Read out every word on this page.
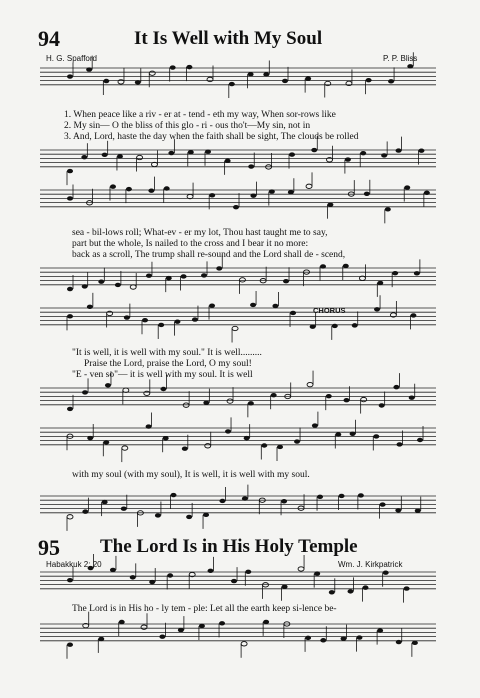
94	It Is Well with My Soul
H. G. Spafford	P. P. Bliss
1. When peace like a riv - er at - tend - eth my way, When sor-rows like
2. My sin— O the bliss of this glo - ri - ous tho't—My sin, not in
3. And, Lord, haste the day when the faith shall be sight, The clouds be rolled
sea - bil-lows roll; What-ev - er my lot, Thou hast taught me to say,
part but the whole, Is nailed to the cross and I bear it no more:
back as a scroll, The trump shall re-sound and the Lord shall de - scend,
CHORUS
"It is well, it is well with my soul." It is well.........
Praise the Lord, praise the Lord, O my soul!
"E - ven so"— it is well with my soul. It is well
with my soul (with my soul), It is well, it is well with my soul.
95 The Lord Is in His Holy Temple
Habakkuk 2: 20	Wm. J. Kirkpatrick
The Lord is in His ho - ly tem - ple: Let all the earth keep si-lence be-
